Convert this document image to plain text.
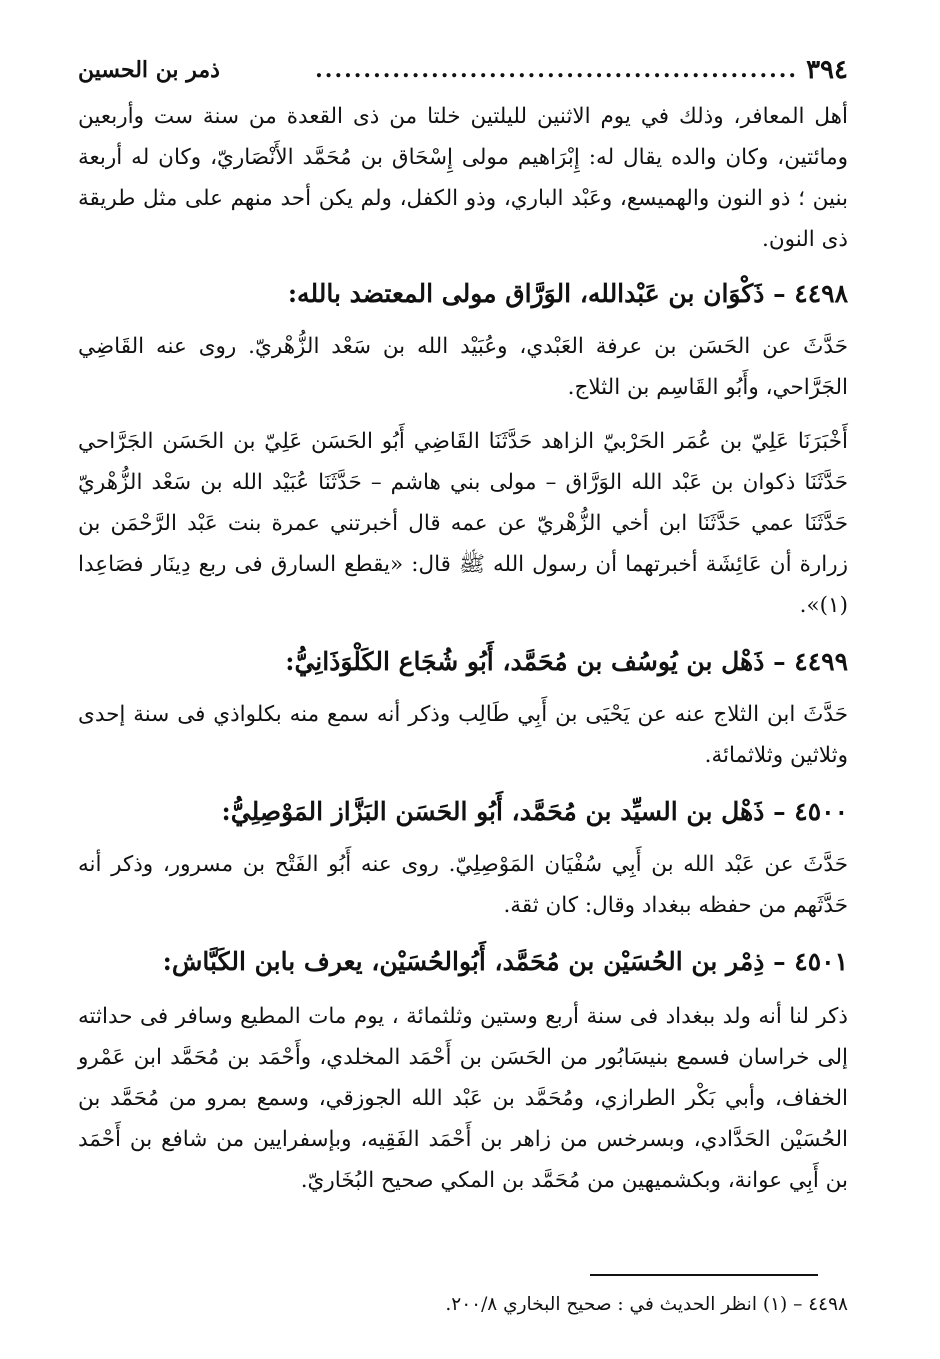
٣٩٤
..................................................
ذمر بن الحسين

أهل المعافر، وذلك في يوم الاثنين لليلتين خلتا من ذى القعدة من سنة ست وأربعين ومائتين، وكان والده يقال له: إِبْرَاهيم مولى إِسْحَاق بن مُحَمَّد الأَنْصَاريّ، وكان له أربعة بنين ؛ ذو النون والهميسع، وعَبْد الباري، وذو الكفل، ولم يكن أحد منهم على مثل طريقة ذى النون.

٤٤٩٨ – ذَكْوَان بن عَبْدالله، الوَرَّاق مولى المعتضد بالله:

حَدَّثَ عن الحَسَن بن عرفة العَبْدي، وعُبَيْد الله بن سَعْد الزُّهْريّ. روى عنه القَاضِي الجَرَّاحي، وأَبُو القَاسِم بن الثلاج.

أَخْبَرَنَا عَلِيّ بن عُمَر الحَرْبيّ الزاهد حَدَّثَنَا القَاضِي أَبُو الحَسَن عَلِيّ بن الحَسَن الجَرَّاحي حَدَّثَنَا ذكوان بن عَبْد الله الوَرَّاق – مولى بني هاشم – حَدَّثَنَا عُبَيْد الله بن سَعْد الزُّهْريّ حَدَّثَنَا عمي حَدَّثَنَا ابن أخي الزُّهْريّ عن عمه قال أخبرتني عمرة بنت عَبْد الرَّحْمَن بن زرارة أن عَائِشَة أخبرتهما أن رسول الله ﷺ قال: «يقطع السارق فى ربع دِينَار فصَاعِدا (١)».

٤٤٩٩ – ذَهْل بن يُوسُف بن مُحَمَّد، أَبُو شُجَاع الكَلْوَذَانِيُّ:

حَدَّثَ ابن الثلاج عنه عن يَحْيَى بن أَبِي طَالِب وذكر أنه سمع منه بكلواذي فى سنة إحدى وثلاثين وثلاثمائة.

٤٥٠٠ – ذَهْل بن السيِّد بن مُحَمَّد، أَبُو الحَسَن البَزَّاز المَوْصِلِيُّ:

حَدَّثَ عن عَبْد الله بن أَبِي سُفْيَان المَوْصِلِيّ. روى عنه أَبُو الفَتْح بن مسرور، وذكر أنه حَدَّثَهم من حفظه ببغداد وقال: كان ثقة.

٤٥٠١ – ذِمْر بن الحُسَيْن بن مُحَمَّد، أَبُوالحُسَيْن، يعرف بابن الكَبَّاش:

ذكر لنا أنه ولد ببغداد فى سنة أربع وستين وثلثمائة ، يوم مات المطيع وسافر فى حداثته إلى خراسان فسمع بنيسَابُور من الحَسَن بن أَحْمَد المخلدي، وأَحْمَد بن مُحَمَّد ابن عَمْرو الخفاف، وأبي بَكْر الطرازي، ومُحَمَّد بن عَبْد الله الجوزقي، وسمع بمرو من مُحَمَّد بن الحُسَيْن الحَدَّادي، وبسرخس من زاهر بن أَحْمَد الفَقِيه، وبإسفرايين من شافع بن أَحْمَد بن أَبِي عوانة، وبكشميهين من مُحَمَّد بن المكي صحيح البُخَاريّ.

٤٤٩٨ – (١) انظر الحديث في : صحيح البخاري ٢٠٠/٨.
